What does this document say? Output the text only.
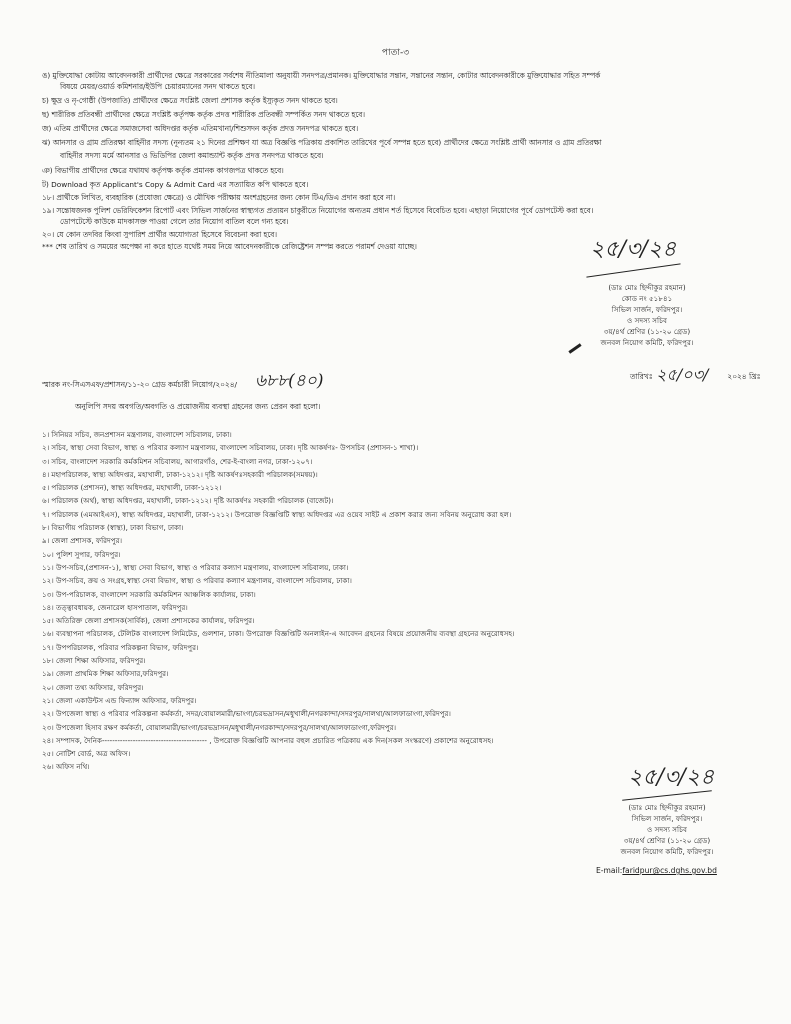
পাতা-৩
ঙ) মুক্তিযোদ্ধা কোটায় আবেদনকারী প্রার্থীদের ক্ষেত্রে সরকারের সর্বশেষ নীতিমালা অনুযায়ী সনদপত্র/প্রমানক। মুক্তিযোদ্ধার সন্তান, সন্তানের সন্তান, কোটার আবেদনকারীকে মুক্তিযোদ্ধার সহিত সম্পর্ক
বিষয়ে মেয়র/ওয়ার্ড কমিশনার/ইউপি চেয়ারম্যানের সনদ থাকতে হবে।
চ) ক্ষুদ্র ও নৃ-গোষ্ঠী (উপজাতি) প্রার্থীদের ক্ষেত্রে সংশ্লিষ্ট জেলা প্রশাসক কর্তৃক ইস্যুকৃত সনদ থাকতে হবে।
ছ) শারীরিক প্রতিবন্ধী প্রার্থীদের ক্ষেত্রে সংশ্লিষ্ট কর্তৃপক্ষ কর্তৃক প্রদত্ত শারীরিক প্রতিবন্ধী সম্পর্কিত সনদ থাকতে হবে।
জ) এতিম প্রার্থীদের ক্ষেত্রে সমাজসেবা অধিদপ্তর কর্তৃক এতিমখানা/শিশুসদন কর্তৃক প্রদত্ত সনদপত্র থাকতে হবে।
ঝ) আনসার ও গ্রাম প্রতিরক্ষা বাহিনীর সদস্য (নূন্যতম ২১ দিনের প্রশিক্ষণ যা অত্র বিজ্ঞপ্তি পত্রিকায় প্রকাশিত তারিখের পূর্বে সম্পন্ন হতে হবে) প্রার্থীদের ক্ষেত্রে সংশ্লিষ্ট প্রার্থী আনসার ও গ্রাম প্রতিরক্ষা
বাহিনীর সদস্য মর্মে আনসার ও ভিডিপির জেলা কমান্ড্যান্ট কর্তৃক প্রদত্ত সনদপত্র থাকতে হবে।
ঞ) বিভাগীয় প্রার্থীদের ক্ষেত্রে যথাযথ কর্তৃপক্ষ কর্তৃক প্রমানক কাগজপত্র থাকতে হবে।
ট) Download কৃত Applicant's Copy & Admit Card এর সত্যায়িত কপি থাকতে হবে।
১৮। প্রার্থীকে লিখিত, ব্যবহারিক (প্রযোজ্য ক্ষেত্রে) ও মৌখিক পরীক্ষায় অংশগ্রহনের জন্য কোন টিএ/ডিএ প্রদান করা হবে না।
১৯। সন্তোষজনক পুলিশ ভেরিফিকেশন রিপোর্ট এবং সিভিল সার্জনের স্বাস্থ্যগত প্রত্যয়ন চাকুরীতে নিয়োগের অন্যতম প্রধান শর্ত হিসেবে বিবেচিত হবে। এছাড়া নিয়োগের পূর্বে ডোপটেস্ট করা হবে।
ডোপটেস্টে কাউকে মাদকাসক্ত পাওয়া গেলে তার নিয়োগ বাতিল বলে গন্য হবে।
২০। যে কোন তদবির কিংবা সুপারিশ প্রার্থীর অযোগ্যতা হিসেবে বিবেচনা করা হবে।
*** শেষ তারিখ ও সময়ের অপেক্ষা না করে হাতে যথেষ্ট সময় নিয়ে আবেদনকারীকে রেজিষ্ট্রেশন সম্পন্ন করতে পরামর্শ দেওয়া যাচ্ছে।	২৫/৩/২৪
(ডাঃ মোঃ ছিদ্দীকুর রহমান)
কোড নং ৫১৮৪১
সিভিল সার্জন, ফরিদপুর।
ও সদস্য সচিব
৩য়/৪র্থ শ্রেণির (১১-২০ গ্রেড)
জনবল নিয়োগ কমিটি, ফরিদপুর।
স্মারক নং-সিএসএফ/প্রশাসন/১১-২০ গ্রেড কর্মচারী নিয়োগ/২০২৪/ ৬৮৮(৪০)	তারিখঃ	২০২৪ খ্রিঃ
২৫/০৩/
অনুলিপি সদয় অবগতি/অবগতি ও প্রয়োজনীয় ব্যবস্থা গ্রহনের জন্য প্রেরন করা হলো।
১। সিনিয়র সচিব, জনপ্রশাসন মন্ত্রণালয়, বাংলাদেশ সচিবালয়, ঢাকা।
২। সচিব, স্বাস্থ্য সেবা বিভাগ, স্বাস্থ্য ও পরিবার কল্যাণ মন্ত্রণালয়, বাংলাদেশ সচিবালয়, ঢাকা। দৃষ্টি আকর্ষণঃ- উপসচিব (প্রশাসন-১ শাখা)।
৩। সচিব, বাংলাদেশ সরকারি কর্মকমিশন সচিবালয়, আগারগাঁও, শের-ই-বাংলা নগর, ঢাকা-১২০৭।
৪। মহাপরিচালক, স্বাস্থ্য অধিদপ্তর, মহাখালী, ঢাকা-১২১২। দৃষ্টি আকর্ষণঃসহকারী পরিচালক(সমন্বয়)।
৫। পরিচালক (প্রশাসন), স্বাস্থ্য অধিদপ্তর, মহাখালী, ঢাকা-১২১২।
৬। পরিচালক (অর্থ), স্বাস্থ্য অধিদপ্তর, মহাখালী, ঢাকা-১২১২। দৃষ্টি আকর্ষণঃ সহকারী পরিচালক (বাজেট)।
৭। পরিচালক (এমআইএস), স্বাস্থ্য অধিদপ্তর, মহাখালী, ঢাকা-১২১২। উপরোক্ত বিজ্ঞপ্তিটি স্বাস্থ্য অধিদপ্তর এর ওয়েব সাইট এ প্রকাশ করার জন্য সবিনয় অনুরোধ করা হল।
৮। বিভাগীয় পরিচালক (স্বাস্থ্য), ঢাকা বিভাগ, ঢাকা।
৯। জেলা প্রশাসক, ফরিদপুর।
১০। পুলিশ সুপার, ফরিদপুর।
১১। উপ-সচিব,(প্রশাসন-১), স্বাস্থ্য সেবা বিভাগ, স্বাস্থ্য ও পরিবার কল্যাণ মন্ত্রণালয়, বাংলাদেশ সচিবালয়, ঢাকা।
১২। উপ-সচিব, ক্রয় ও সংগ্রহ,স্বাস্থ্য সেবা বিভাগ, স্বাস্থ্য ও পরিবার কল্যাণ মন্ত্রণালয়, বাংলাদেশ সচিবালয়, ঢাকা।
১৩। উপ-পরিচালক, বাংলাদেশ সরকারি কর্মকমিশন আঞ্চলিক কার্যালয়, ঢাকা।
১৪। তত্ত্বাবধায়ক, জেনারেল হাসপাতাল, ফরিদপুর।
১৫। অতিরিক্ত জেলা প্রশাসক(সার্বিক), জেলা প্রশাসকের কার্যালয়, ফরিদপুর।
১৬। ব্যবস্থাপনা পরিচালক, টেলিটক বাংলাদেশ লিমিটেড, গুলশান, ঢাকা। উপরোক্ত বিজ্ঞপ্তিটি অনলাইন-এ আবেদন গ্রহনের বিষয়ে প্রয়োজনীয় ব্যবস্থা গ্রহনের অনুরোধসহ।
১৭। উপপরিচালক, পরিবার পরিকল্পনা বিভাগ, ফরিদপুর।
১৮। জেলা শিক্ষা অফিসার, ফরিদপুর।
১৯। জেলা প্রাথমিক শিক্ষা অফিসার,ফরিদপুর।
২০। জেলা তথ্য অফিসার, ফরিদপুর।
২১। জেলা একাউন্টস এন্ড ফিন্যান্স অফিসার, ফরিদপুর।
২২। উপজেলা স্বাস্থ্য ও পরিবার পরিকল্পনা কর্মকর্তা, সদর/বোয়ালমারী/ভাংগা/চরভদ্রাসন/মধুখালী/নগরকান্দা/সদরপুর/সালথা/আলফাডাংগা,ফরিদপুর।
২৩। উপজেলা হিসাব রক্ষণ কর্মকর্তা, বোয়ালমারী/ভাংগা/চরভদ্রাসন/মধুখালী/নগরকান্দা/সদরপুর/সালথা/আলফাডাংগা,ফরিদপুর।
২৪। সম্পাদক, দৈনিক----------------------------------------- , উপরোক্ত বিজ্ঞপ্তিটি আপনার বহুল প্রচারিত পত্রিকায় এক দিন(সকল সংস্করণে) প্রকাশের অনুরোধসহ।
২৫। নোটিশ বোর্ড, অত্র অফিস।
২৬। অফিস নথি।	২৫/৩/২৪
(ডাঃ মোঃ ছিদ্দীকুর রহমান)
সিভিল সার্জন, ফরিদপুর।
ও সদস্য সচিব
৩য়/৪র্থ শ্রেণির (১১-২০ গ্রেড)
জনবল নিয়োগ কমিটি, ফরিদপুর।
E-mail:faridpur@cs.dghs.gov.bd
